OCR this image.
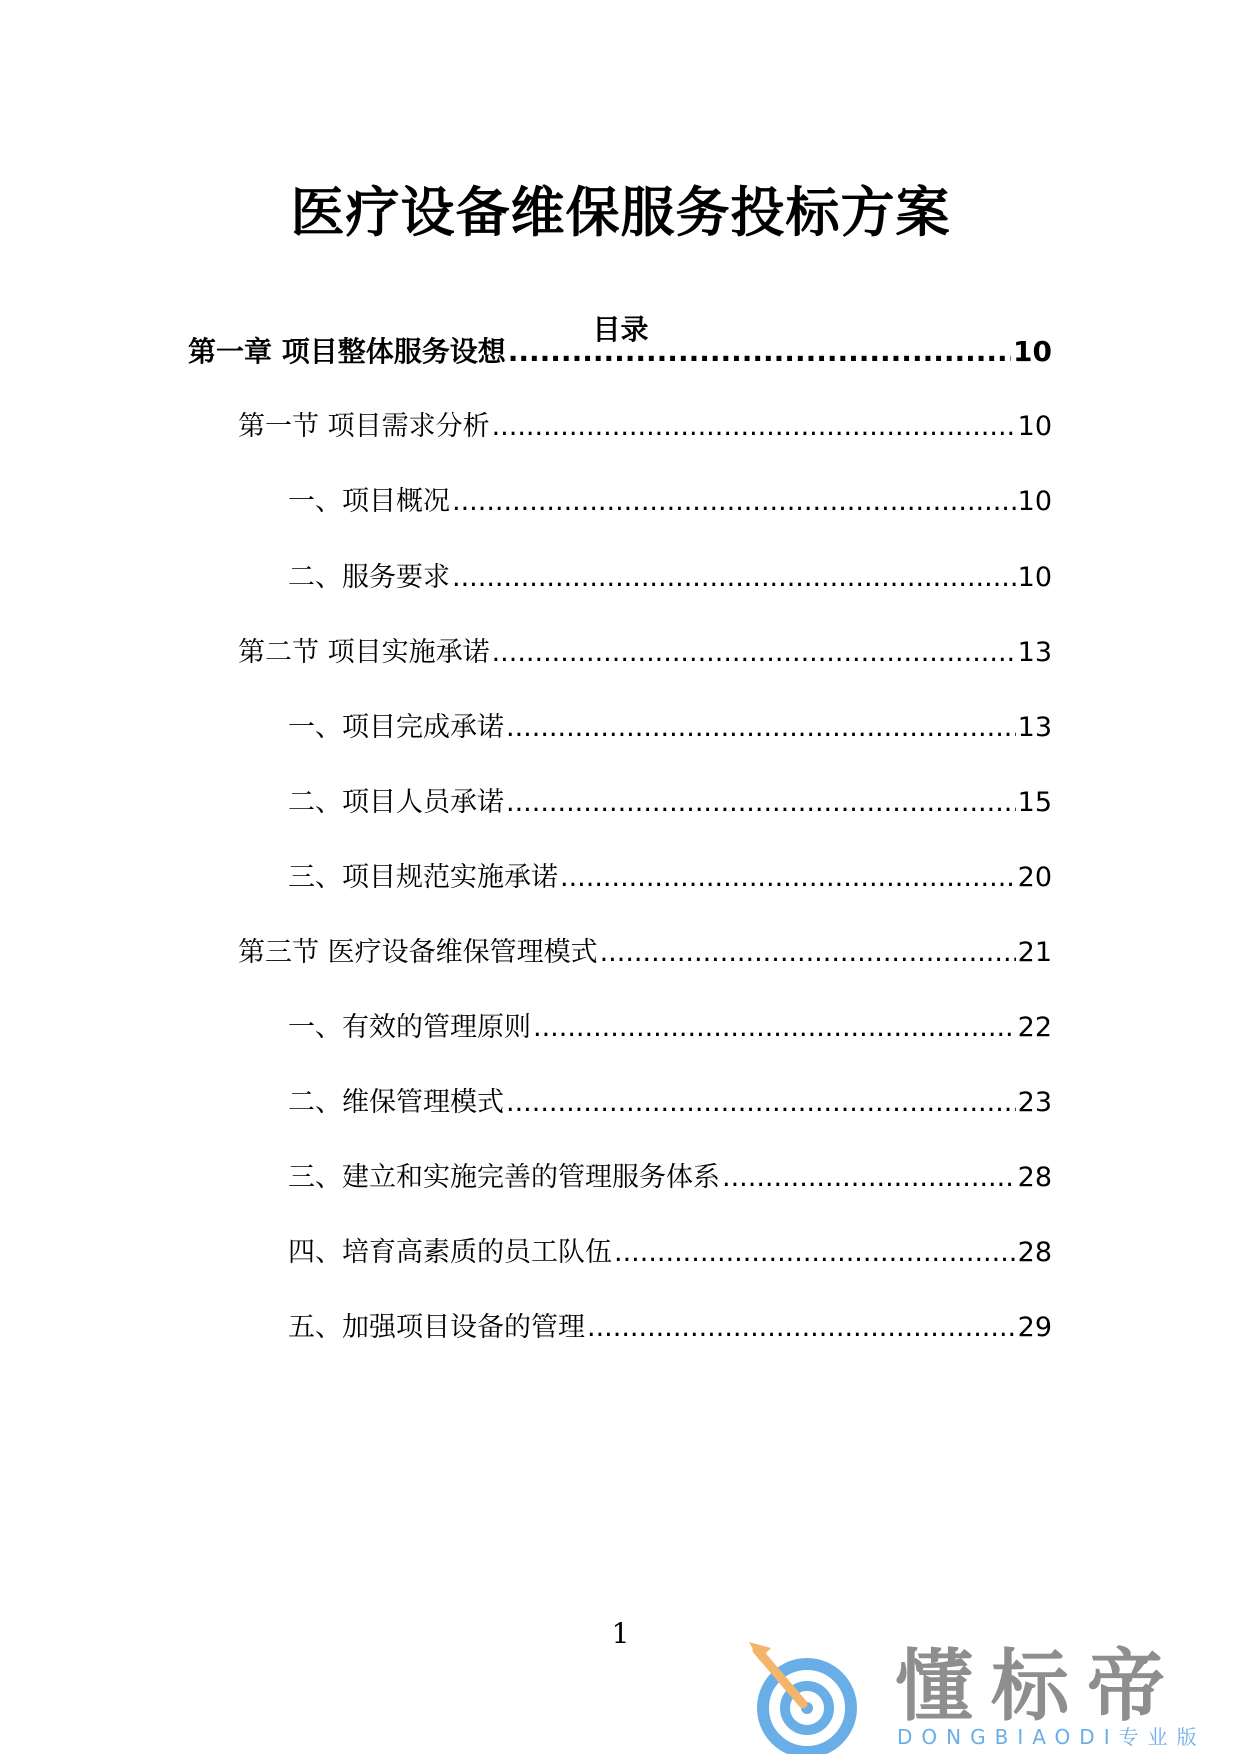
医疗设备维保服务投标方案
目录
第一章 项目整体服务设想 .....	10
第一节 项目需求分析 .....	10
一、项目概况 .....	10
二、服务要求 .....	10
第二节 项目实施承诺 .....	13
一、项目完成承诺 .....	13
二、项目人员承诺 .....	15
三、项目规范实施承诺 .....	20
第三节 医疗设备维保管理模式 .....	21
一、有效的管理原则 .....	22
二、维保管理模式 .....	23
三、建立和实施完善的管理服务体系 .....	28
四、培育高素质的员工队伍 .....	28
五、加强项目设备的管理 .....	29
1
懂标帝
DONGBIAODI专业版
